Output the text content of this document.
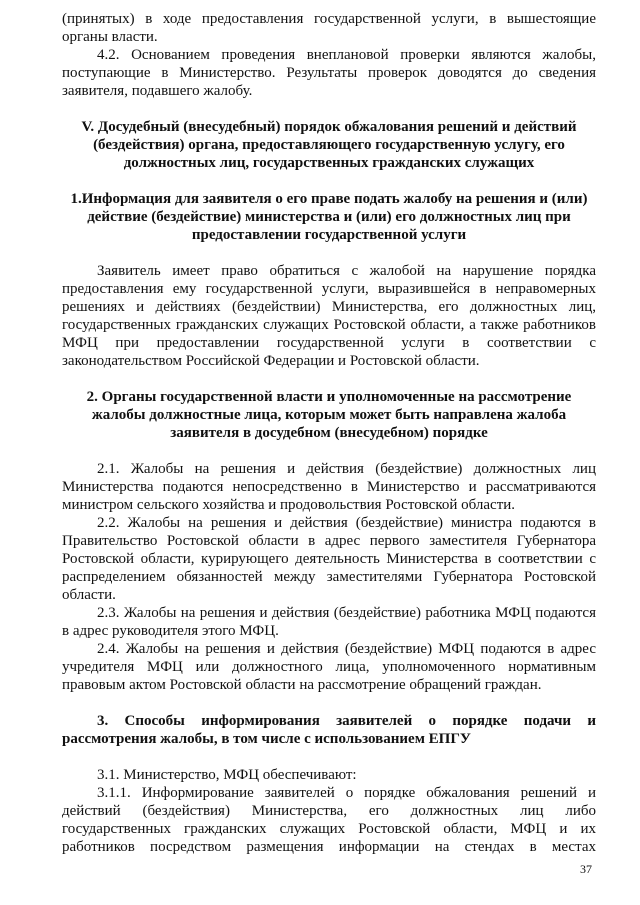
(принятых) в ходе предоставления государственной услуги, в вышестоящие органы власти.

4.2. Основанием проведения внеплановой проверки являются жалобы, поступающие в Министерство. Результаты проверок доводятся до сведения заявителя, подавшего жалобу.

V. Досудебный (внесудебный) порядок обжалования решений и действий (бездействия) органа, предоставляющего государственную услугу, его должностных лиц, государственных гражданских служащих
1.Информация для заявителя о его праве подать жалобу на решения и (или) действие (бездействие) министерства и (или) его должностных лиц при предоставлении государственной услуги

Заявитель имеет право обратиться с жалобой на нарушение порядка предоставления ему государственной услуги, выразившейся в неправомерных решениях и действиях (бездействии) Министерства, его должностных лиц, государственных гражданских служащих Ростовской области, а также работников МФЦ при предоставлении государственной услуги в соответствии с законодательством Российской Федерации и Ростовской области.

2. Органы государственной власти и уполномоченные на рассмотрение жалобы должностные лица, которым может быть направлена жалоба заявителя в досудебном (внесудебном) порядке

2.1. Жалобы на решения и действия (бездействие) должностных лиц Министерства подаются непосредственно в Министерство и рассматриваются министром сельского хозяйства и продовольствия Ростовской области.

2.2. Жалобы на решения и действия (бездействие) министра подаются в Правительство Ростовской области в адрес первого заместителя Губернатора Ростовской области, курирующего деятельность Министерства в соответствии с распределением обязанностей между заместителями Губернатора Ростовской области.

2.3. Жалобы на решения и действия (бездействие) работника МФЦ подаются в адрес руководителя этого МФЦ.

2.4. Жалобы на решения и действия (бездействие) МФЦ подаются в адрес учредителя МФЦ или должностного лица, уполномоченного нормативным правовым актом Ростовской области на рассмотрение обращений граждан.

3. Способы информирования заявителей о порядке подачи и рассмотрения жалобы, в том числе с использованием ЕПГУ

3.1. Министерство, МФЦ обеспечивают:

3.1.1. Информирование заявителей о порядке обжалования решений и действий (бездействия) Министерства, его должностных лиц либо государственных гражданских служащих Ростовской области, МФЦ и их работников посредством размещения информации на стендах в местах

37
